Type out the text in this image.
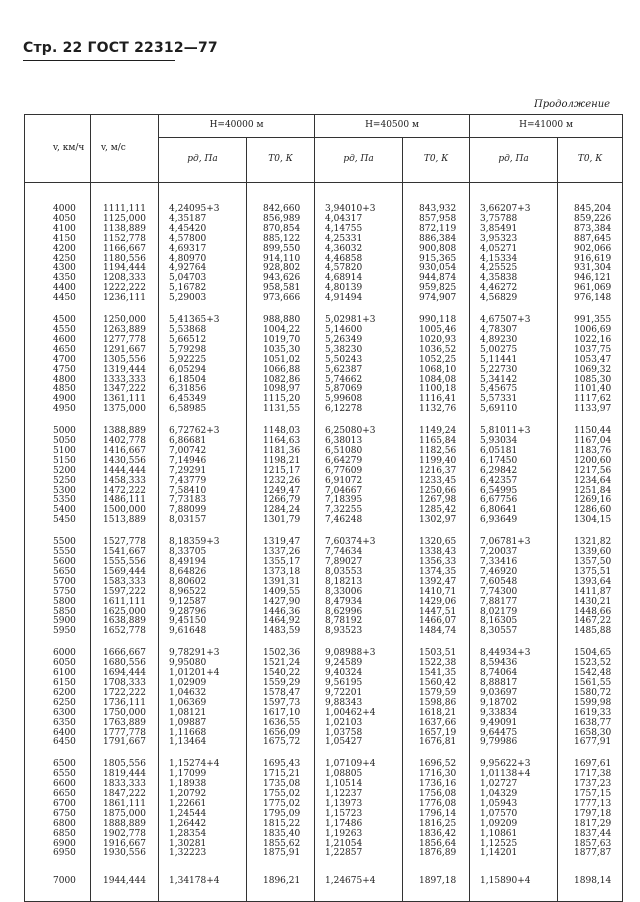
Стр. 22 ГОСТ 22312—77
Продолжение
v, км/ч	v, м/с	H=40000 м		H=40500 м		H=41000 м	
		pд, Па	T0, К	pд, Па	T0, К	pд, Па	T0, К
4000	1111,111	4,24095+3	842,660	3,94010+3	843,932	3,66207+3	845,204
4050	1125,000	4,35187	856,989	4,04317	857,958	3,75788	859,226
4100	1138,889	4,45420	870,854	4,14755	872,119	3,85491	873,384
4150	1152,778	4,57800	885,122	4,25331	886,384	3,95323	887,645
4200	1166,667	4,69317	899,550	4,36032	900,808	4,05271	902,066
4250	1180,556	4,80970	914,110	4,46858	915,365	4,15334	916,619
4300	1194,444	4,92764	928,802	4,57820	930,054	4,25525	931,304
4350	1208,333	5,04703	943,626	4,68914	944,874	4,35838	946,121
4400	1222,222	5,16782	958,581	4,80139	959,825	4,46272	961,069
4450	1236,111	5,29003	973,666	4,91494	974,907	4,56829	976,148

4500	1250,000	5,41365+3	988,880	5,02981+3	990,118	4,67507+3	991,355
4550	1263,889	5,53868	1004,22	5,14600	1005,46	4,78307	1006,69
4600	1277,778	5,66512	1019,70	5,26349	1020,93	4,89230	1022,16
4650	1291,667	5,79298	1035,30	5,38230	1036,52	5,00275	1037,75
4700	1305,556	5,92225	1051,02	5,50243	1052,25	5,11441	1053,47
4750	1319,444	6,05294	1066,88	5,62387	1068,10	5,22730	1069,32
4800	1333,333	6,18504	1082,86	5,74662	1084,08	5,34142	1085,30
4850	1347,222	6,31856	1098,97	5,87069	1100,18	5,45675	1101,40
4900	1361,111	6,45349	1115,20	5,99608	1116,41	5,57331	1117,62
4950	1375,000	6,58985	1131,55	6,12278	1132,76	5,69110	1133,97

5000	1388,889	6,72762+3	1148,03	6,25080+3	1149,24	5,81011+3	1150,44
5050	1402,778	6,86681	1164,63	6,38013	1165,84	5,93034	1167,04
5100	1416,667	7,00742	1181,36	6,51080	1182,56	6,05181	1183,76
5150	1430,556	7,14946	1198,21	6,64279	1199,40	6,17450	1200,60
5200	1444,444	7,29291	1215,17	6,77609	1216,37	6,29842	1217,56
5250	1458,333	7,43779	1232,26	6,91072	1233,45	6,42357	1234,64
5300	1472,222	7,58410	1249,47	7,04667	1250,66	6,54995	1251,84
5350	1486,111	7,73183	1266,79	7,18395	1267,98	6,67756	1269,16
5400	1500,000	7,88099	1284,24	7,32255	1285,42	6,80641	1286,60
5450	1513,889	8,03157	1301,79	7,46248	1302,97	6,93649	1304,15

5500	1527,778	8,18359+3	1319,47	7,60374+3	1320,65	7,06781+3	1321,82
5550	1541,667	8,33705	1337,26	7,74634	1338,43	7,20037	1339,60
5600	1555,556	8,49194	1355,17	7,89027	1356,33	7,33416	1357,50
5650	1569,444	8,64826	1373,18	8,03553	1374,35	7,46920	1375,51
5700	1583,333	8,80602	1391,31	8,18213	1392,47	7,60548	1393,64
5750	1597,222	8,96522	1409,55	8,33006	1410,71	7,74300	1411,87
5800	1611,111	9,12587	1427,90	8,47934	1429,06	7,88177	1430,21
5850	1625,000	9,28796	1446,36	8,62996	1447,51	8,02179	1448,66
5900	1638,889	9,45150	1464,92	8,78192	1466,07	8,16305	1467,22
5950	1652,778	9,61648	1483,59	8,93523	1484,74	8,30557	1485,88

6000	1666,667	9,78291+3	1502,36	9,08988+3	1503,51	8,44934+3	1504,65
6050	1680,556	9,95080	1521,24	9,24589	1522,38	8,59436	1523,52
6100	1694,444	1,01201+4	1540,22	9,40324	1541,35	8,74064	1542,48
6150	1708,333	1,02909	1559,29	9,56195	1560,42	8,88817	1561,55
6200	1722,222	1,04632	1578,47	9,72201	1579,59	9,03697	1580,72
6250	1736,111	1,06369	1597,73	9,88343	1598,86	9,18702	1599,98
6300	1750,000	1,08121	1617,10	1,00462+4	1618,21	9,33834	1619,33
6350	1763,889	1,09887	1636,55	1,02103	1637,66	9,49091	1638,77
6400	1777,778	1,11668	1656,09	1,03758	1657,19	9,64475	1658,30
6450	1791,667	1,13464	1675,72	1,05427	1676,81	9,79986	1677,91

6500	1805,556	1,15274+4	1695,43	1,07109+4	1696,52	9,95622+3	1697,61
6550	1819,444	1,17099	1715,21	1,08805	1716,30	1,01138+4	1717,38
6600	1833,333	1,18938	1735,08	1,10514	1736,16	1,02727	1737,23
6650	1847,222	1,20792	1755,02	1,12237	1756,08	1,04329	1757,15
6700	1861,111	1,22661	1775,02	1,13973	1776,08	1,05943	1777,13
6750	1875,000	1,24544	1795,09	1,15723	1796,14	1,07570	1797,18
6800	1888,889	1,26442	1815,22	1,17486	1816,25	1,09209	1817,29
6850	1902,778	1,28354	1835,40	1,19263	1836,42	1,10861	1837,44
6900	1916,667	1,30281	1855,62	1,21054	1856,64	1,12525	1857,63
6950	1930,556	1,32223	1875,91	1,22857	1876,89	1,14201	1877,87

7000	1944,444	1,34178+4	1896,21	1,24675+4	1897,18	1,15890+4	1898,14
